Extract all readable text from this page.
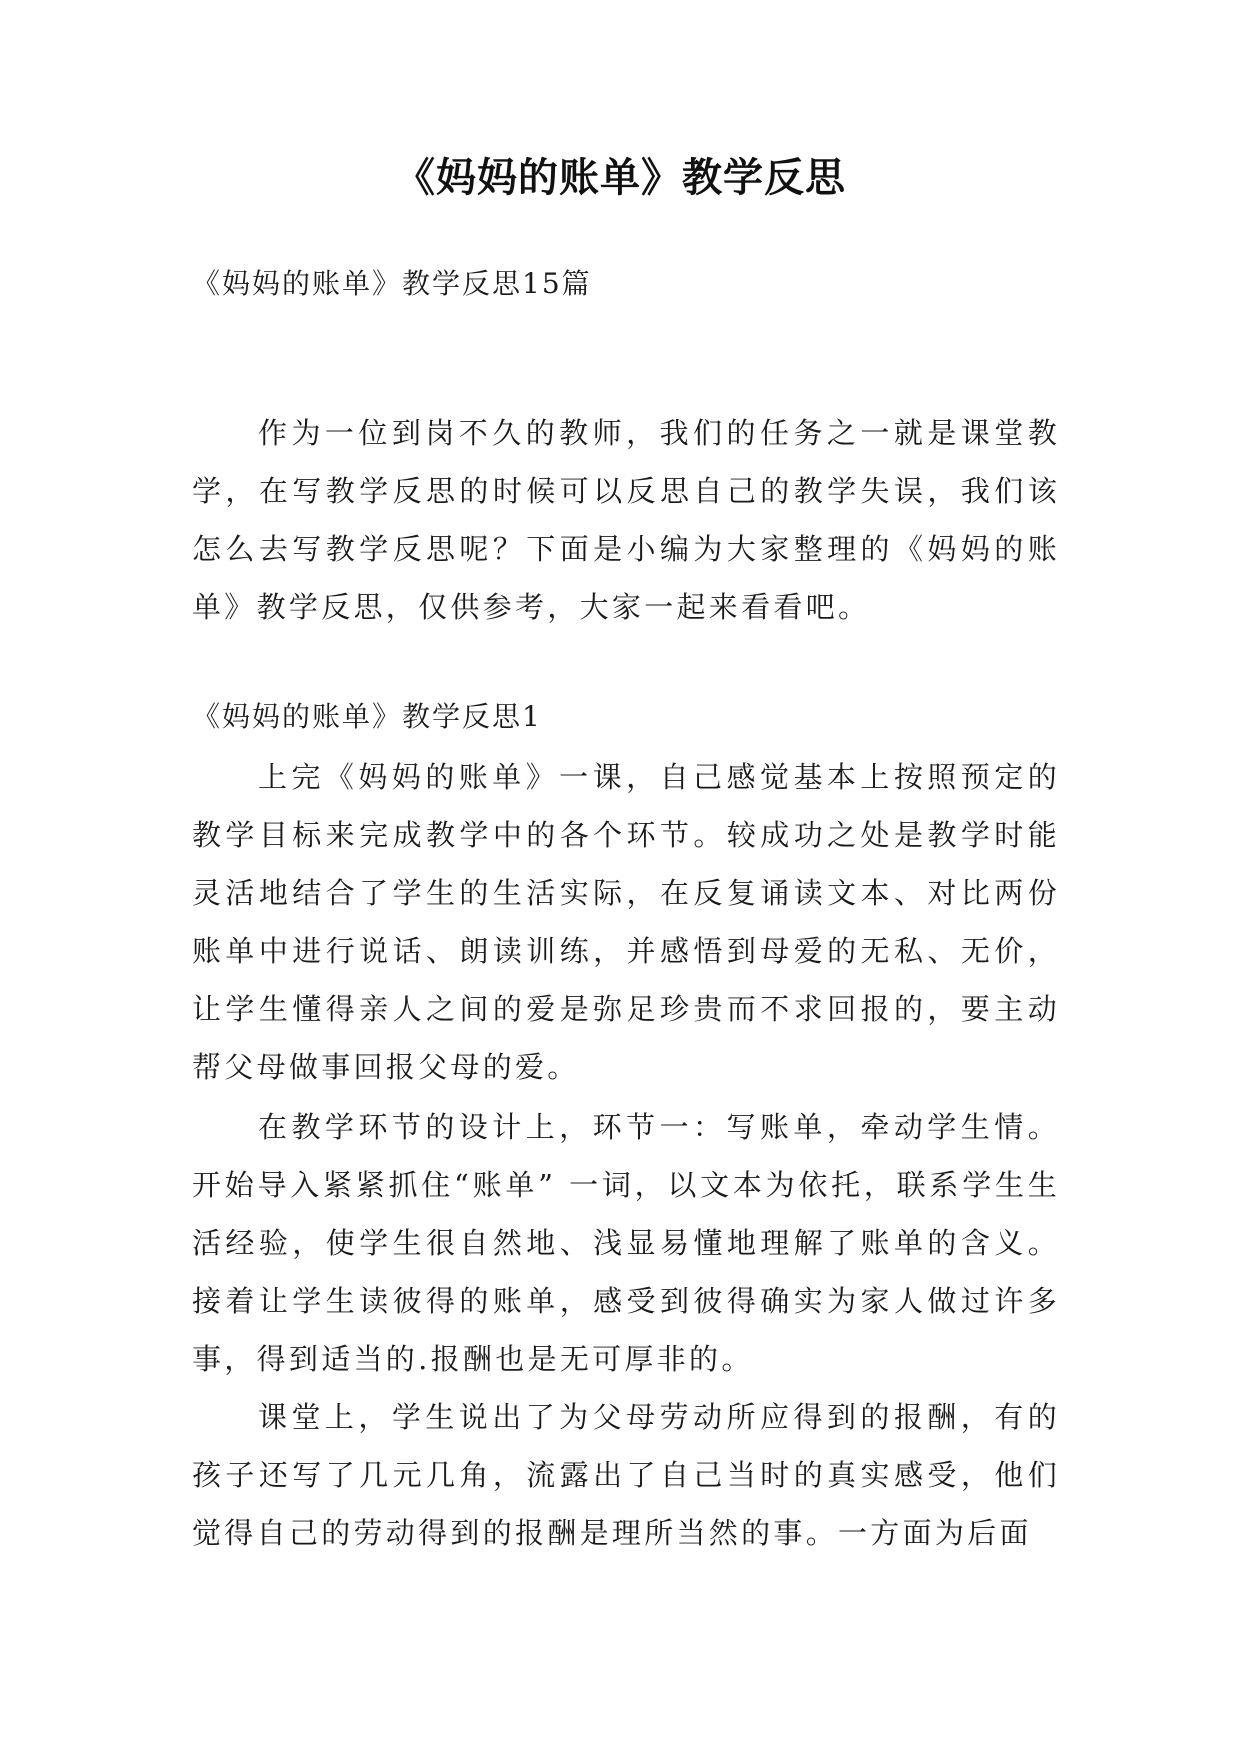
《妈妈的账单》教学反思
《妈妈的账单》教学反思15篇

作为一位到岗不久的教师，我们的任务之一就是课堂教学，在写教学反思的时候可以反思自己的教学失误，我们该怎么去写教学反思呢？下面是小编为大家整理的《妈妈的账单》教学反思，仅供参考，大家一起来看看吧。

《妈妈的账单》教学反思1

上完《妈妈的账单》一课，自己感觉基本上按照预定的教学目标来完成教学中的各个环节。较成功之处是教学时能灵活地结合了学生的生活实际，在反复诵读文本、对比两份账单中进行说话、朗读训练，并感悟到母爱的无私、无价，让学生懂得亲人之间的爱是弥足珍贵而不求回报的，要主动帮父母做事回报父母的爱。

在教学环节的设计上，环节一：写账单，牵动学生情。开始导入紧紧抓住“账单” 一词，以文本为依托，联系学生生活经验，使学生很自然地、浅显易懂地理解了账单的含义。接着让学生读彼得的账单，感受到彼得确实为家人做过许多事，得到适当的.报酬也是无可厚非的。

课堂上，学生说出了为父母劳动所应得到的报酬，有的孩子还写了几元几角，流露出了自己当时的真实感受，他们觉得自己的劳动得到的报酬是理所当然的事。一方面为后面
